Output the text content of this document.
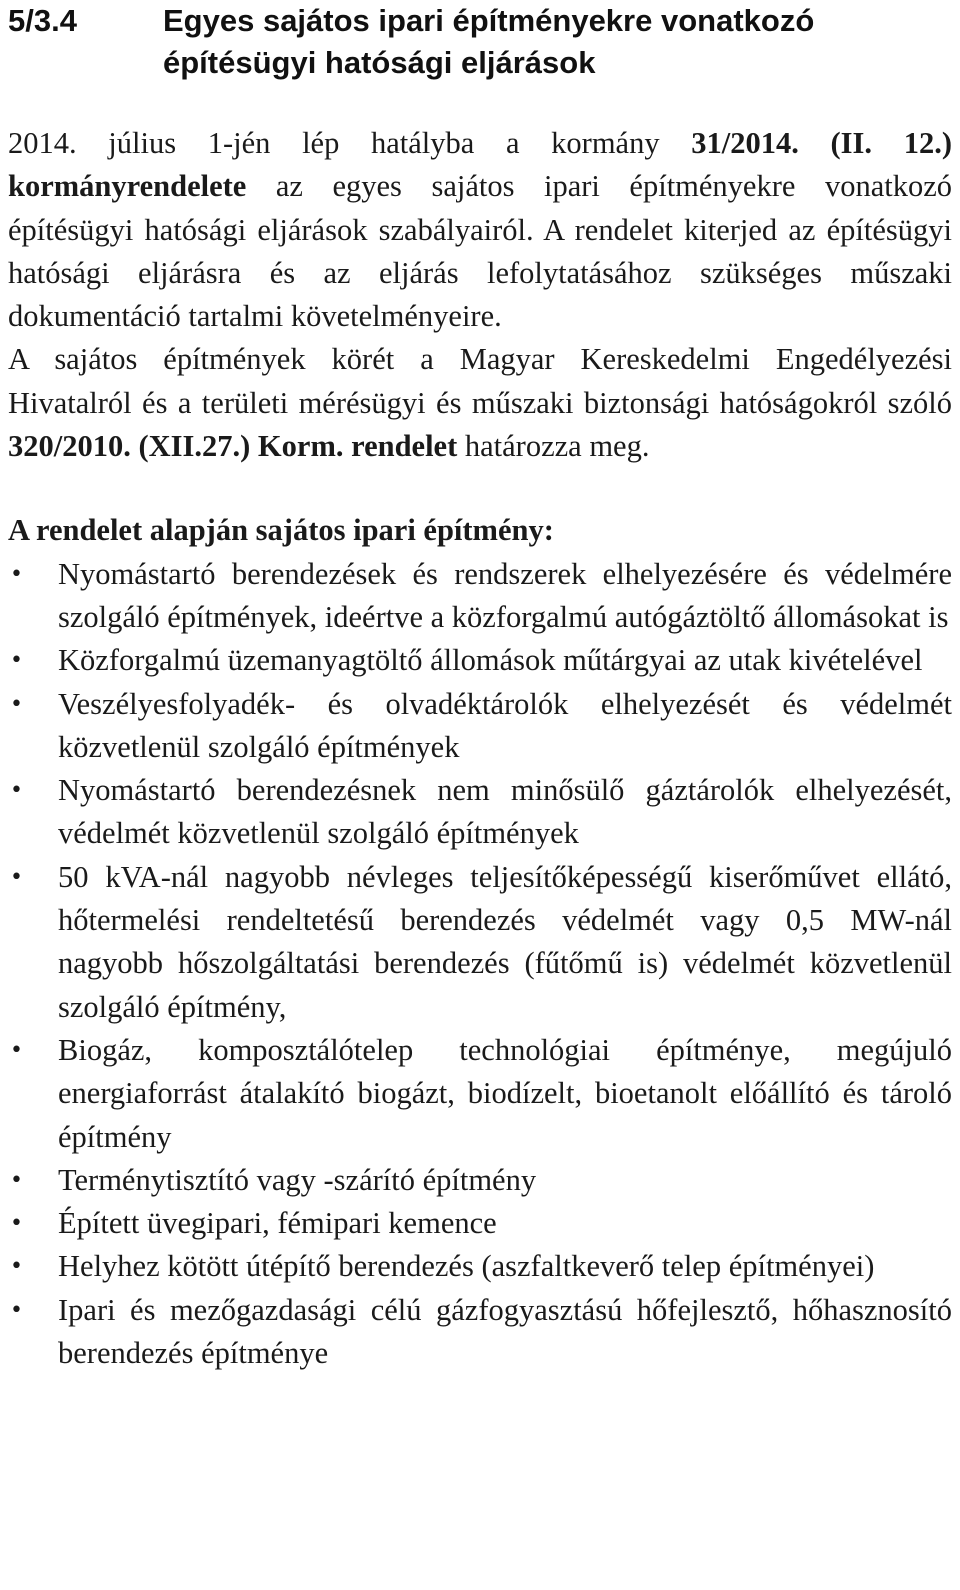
5/3.4	Egyes sajátos ipari építményekre vonatkozó építésügyi hatósági eljárások

2014. július 1-jén lép hatályba a kormány 31/2014. (II. 12.) kormányrendelete az egyes sajátos ipari építményekre vonatkozó építésügyi hatósági eljárások szabályairól. A rendelet kiterjed az építésügyi hatósági eljárásra és az eljárás lefolytatásához szükséges műszaki dokumentáció tartalmi követelményeire.

A sajátos építmények körét a Magyar Kereskedelmi Engedélyezési Hivatalról és a területi mérésügyi és műszaki biztonsági hatóságokról szóló 320/2010. (XII.27.) Korm. rendelet határozza meg.

A rendelet alapján sajátos ipari építmény:

• Nyomástartó berendezések és rendszerek elhelyezésére és védelmére szolgáló építmények, ideértve a közforgalmú autógáztöltő állomásokat is
• Közforgalmú üzemanyagtöltő állomások műtárgyai az utak kivételével
• Veszélyesfolyadék- és olvadéktárolók elhelyezését és védelmét közvetlenül szolgáló építmények
• Nyomástartó berendezésnek nem minősülő gáztárolók elhelyezését, védelmét közvetlenül szolgáló építmények
• 50 kVA-nál nagyobb névleges teljesítőképességű kiserőművet ellátó, hőtermelési rendeltetésű berendezés védelmét vagy 0,5 MW-nál nagyobb hőszolgáltatási berendezés (fűtőmű is) védelmét közvetlenül szolgáló építmény,
• Biogáz, komposztálótelep technológiai építménye, megújuló energiaforrást átalakító biogázt, biodízelt, bioetanolt előállító és tároló építmény
• Terménytisztító vagy -szárító építmény
• Épített üvegipari, fémipari kemence
• Helyhez kötött útépítő berendezés (aszfaltkeverő telep építményei)
• Ipari és mezőgazdasági célú gázfogyasztású hőfejlesztő, hőhasznosító berendezés építménye
